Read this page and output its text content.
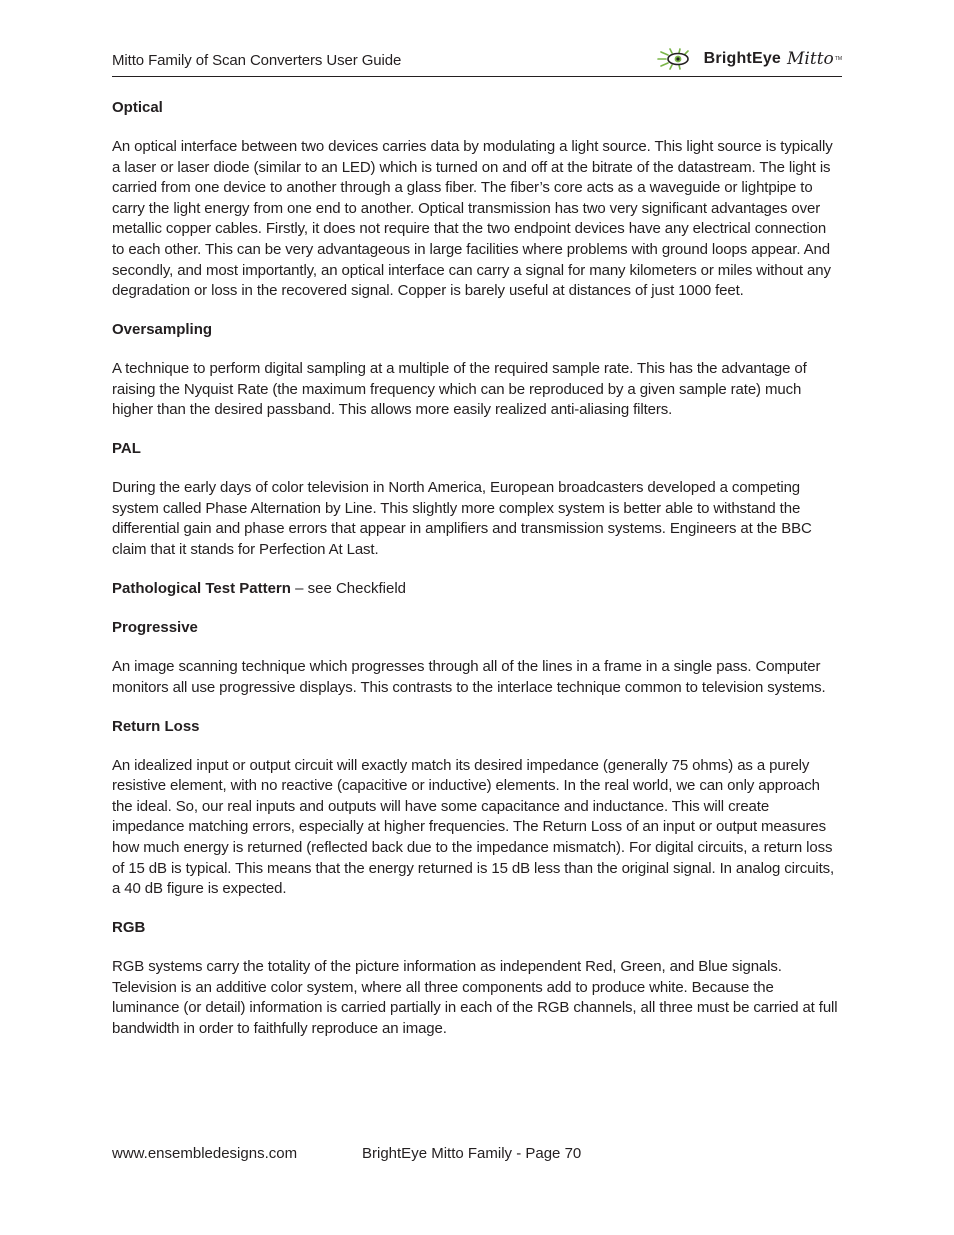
Mitto Family of Scan Converters User Guide	BrightEye Mitto TM

Optical

An optical interface between two devices carries data by modulating a light source. This light source is typically a laser or laser diode (similar to an LED) which is turned on and off at the bitrate of the datastream. The light is carried from one device to another through a glass fiber. The fiber’s core acts as a waveguide or lightpipe to carry the light energy from one end to another. Optical transmission has two very significant advantages over metallic copper cables. Firstly, it does not require that the two endpoint devices have any electrical connection to each other. This can be very advantageous in large facilities where problems with ground loops appear. And secondly, and most importantly, an optical interface can carry a signal for many kilometers or miles without any degradation or loss in the recovered signal. Copper is barely useful at distances of just 1000 feet.

Oversampling

A technique to perform digital sampling at a multiple of the required sample rate. This has the advantage of raising the Nyquist Rate (the maximum frequency which can be reproduced by a given sample rate) much higher than the desired passband. This allows more easily realized anti-aliasing filters.

PAL

During the early days of color television in North America, European broadcasters developed a competing system called Phase Alternation by Line. This slightly more complex system is better able to withstand the differential gain and phase errors that appear in amplifiers and transmission systems. Engineers at the BBC claim that it stands for Perfection At Last.

Pathological Test Pattern – see Checkfield

Progressive

An image scanning technique which progresses through all of the lines in a frame in a single pass. Computer monitors all use progressive displays. This contrasts to the interlace technique common to television systems.

Return Loss

An idealized input or output circuit will exactly match its desired impedance (generally 75 ohms) as a purely resistive element, with no reactive (capacitive or inductive) elements. In the real world, we can only approach the ideal. So, our real inputs and outputs will have some capacitance and inductance. This will create impedance matching errors, especially at higher frequencies. The Return Loss of an input or output measures how much energy is returned (reflected back due to the impedance mismatch). For digital circuits, a return loss of 15 dB is typical. This means that the energy returned is 15 dB less than the original signal. In analog circuits, a 40 dB figure is expected.

RGB

RGB systems carry the totality of the picture information as independent Red, Green, and Blue signals. Television is an additive color system, where all three components add to produce white. Because the luminance (or detail) information is carried partially in each of the RGB channels, all three must be carried at full bandwidth in order to faithfully reproduce an image.

www.ensembledesigns.com	BrightEye Mitto Family - Page 70
